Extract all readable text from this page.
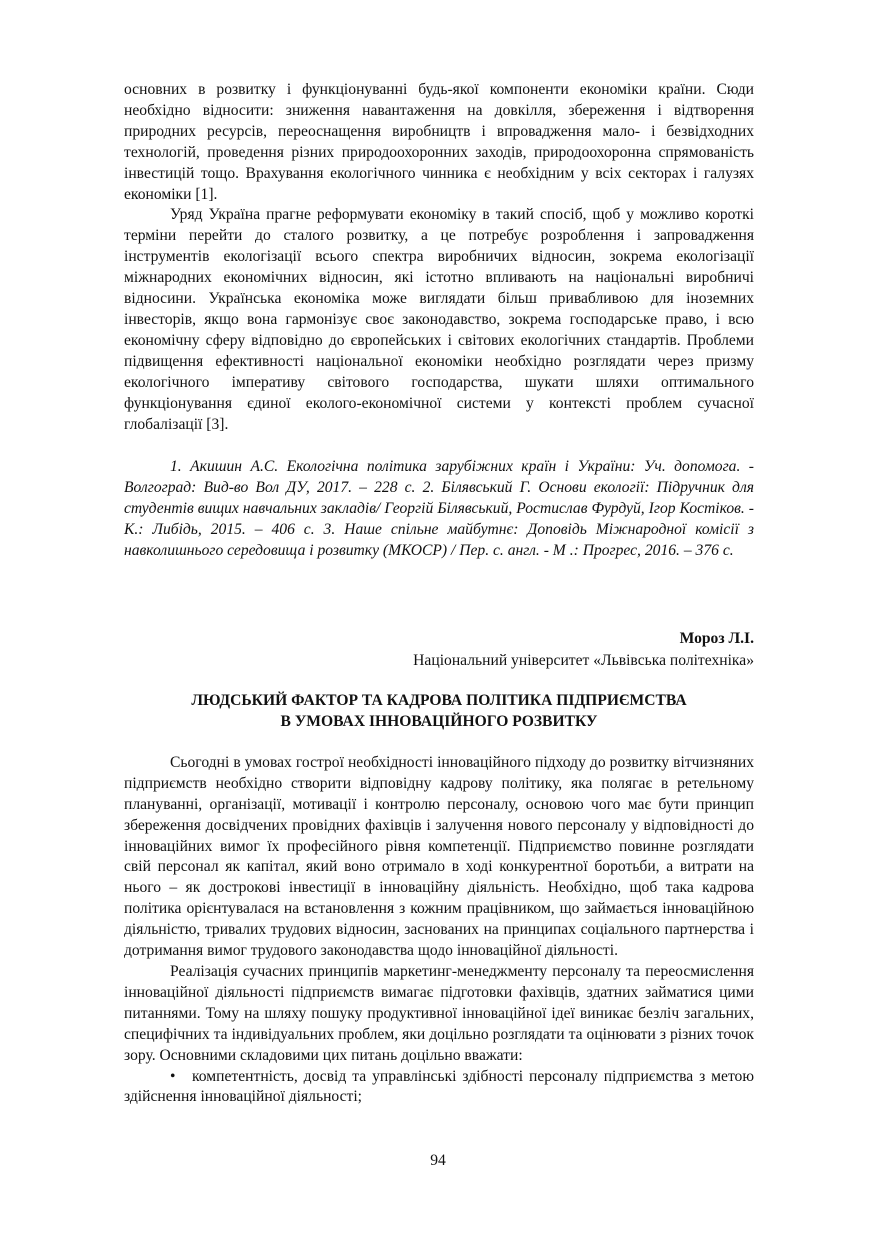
основних в розвитку і функціонуванні будь-якої компоненти економіки країни. Сюди необхідно відносити: зниження навантаження на довкілля, збереження і відтворення природних ресурсів, переоснащення виробництв і впровадження мало- і безвідходних технологій, проведення різних природоохоронних заходів, природоохоронна спрямованість інвестицій тощо. Врахування екологічного чинника є необхідним у всіх секторах і галузях економіки [1].

Уряд Україна прагне реформувати економіку в такий спосіб, щоб у можливо короткі терміни перейти до сталого розвитку, а це потребує розроблення і запровадження інструментів екологізації всього спектра виробничих відносин, зокрема екологізації міжнародних економічних відносин, які істотно впливають на національні виробничі відносини. Українська економіка може виглядати більш привабливою для іноземних інвесторів, якщо вона гармонізує своє законодавство, зокрема господарське право, і всю економічну сферу відповідно до європейських і світових екологічних стандартів. Проблеми підвищення ефективності національної економіки необхідно розглядати через призму екологічного імперативу світового господарства, шукати шляхи оптимального функціонування єдиної еколого-економічної системи у контексті проблем сучасної глобалізації [3].

1. Акишин А.С. Екологічна політика зарубіжних країн і України: Уч. допомога. - Волгоград: Вид-во Вол ДУ, 2017. – 228 с. 2. Білявський Г. Основи екології: Підручник для студентів вищих навчальних закладів/ Георгій Білявський, Ростислав Фурдуй, Ігор Костіков. - К.: Либідь, 2015. – 406 с. 3. Наше спільне майбутнє: Доповідь Міжнародної комісії з навколишнього середовища і розвитку (МКОСР) / Пер. с. англ. - М .: Прогрес, 2016. – 376 с.

Мороз Л.І.
Національний університет «Львівська політехніка»
ЛЮДСЬКИЙ ФАКТОР ТА КАДРОВА ПОЛІТИКА ПІДПРИЄМСТВА
В УМОВАХ ІННОВАЦІЙНОГО РОЗВИТКУ

Сьогодні в умовах гострої необхідності інноваційного підходу до розвитку вітчизняних підприємств необхідно створити відповідну кадрову політику, яка полягає в ретельному плануванні, організації, мотивації і контролю персоналу, основою чого має бути принцип збереження досвідчених провідних фахівців і залучення нового персоналу у відповідності до інноваційних вимог їх професійного рівня компетенції. Підприємство повинне розглядати свій персонал як капітал, який воно отримало в ході конкурентної боротьби, а витрати на нього – як дострокові інвестиції в інноваційну діяльність. Необхідно, щоб така кадрова політика орієнтувалася на встановлення з кожним працівником, що займається інноваційною діяльністю, тривалих трудових відносин, заснованих на принципах соціального партнерства і дотримання вимог трудового законодавства щодо інноваційної діяльності.

Реалізація сучасних принципів маркетинг-менеджменту персоналу та переосмислення інноваційної діяльності підприємств вимагає підготовки фахівців, здатних займатися цими питаннями. Тому на шляху пошуку продуктивної інноваційної ідеї виникає безліч загальних, специфічних та індивідуальних проблем, яки доцільно розглядати та оцінювати з різних точок зору. Основними складовими цих питань доцільно вважати:

• компетентність, досвід та управлінські здібності персоналу підприємства з метою здійснення інноваційної діяльності;

94
